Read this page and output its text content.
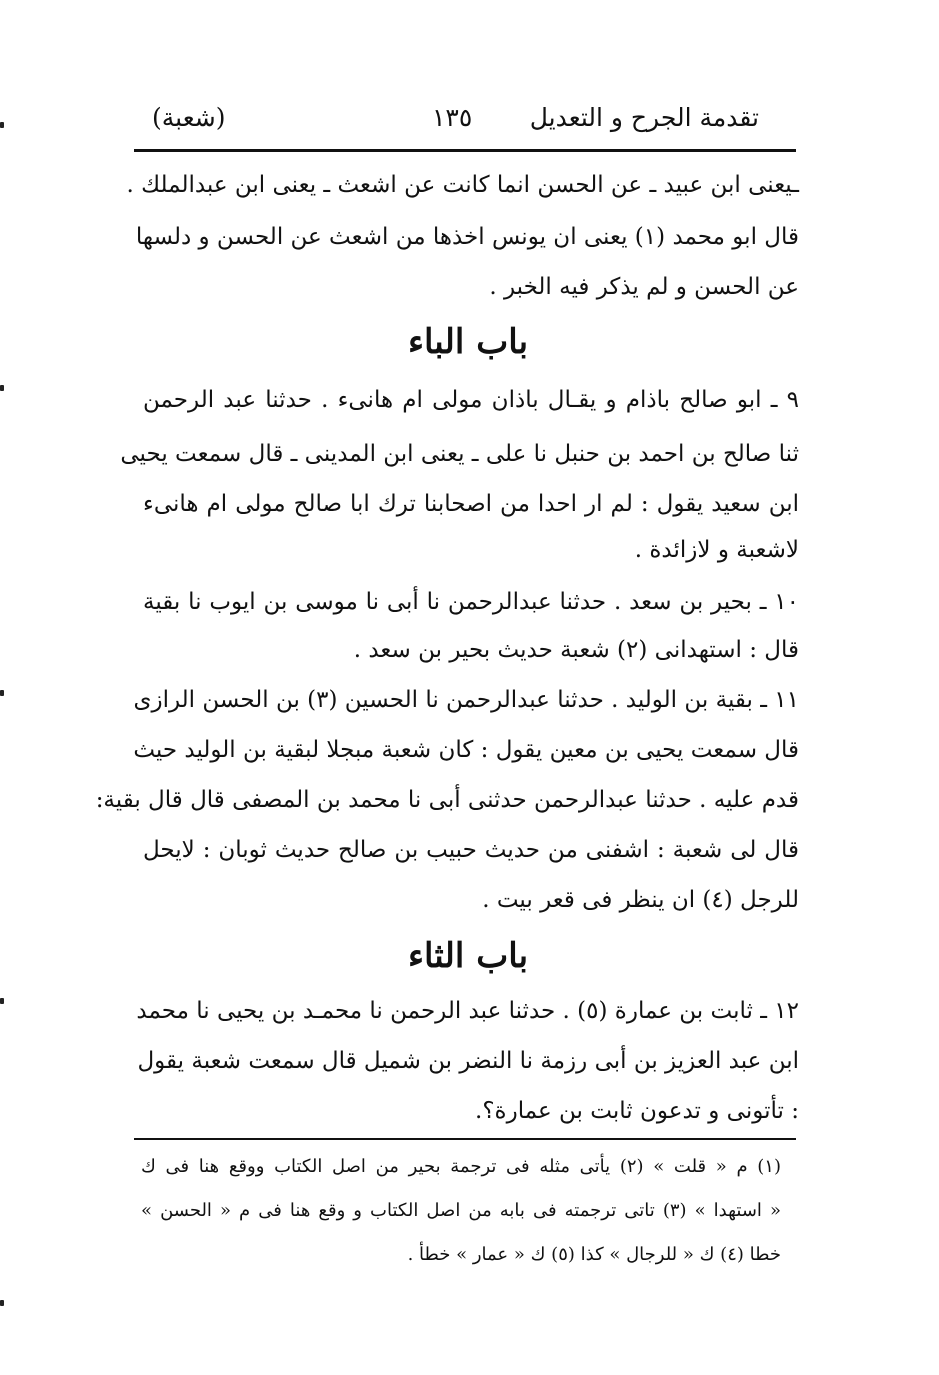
تقدمة الجرح و التعديل
١٣٥
(شعبة)
ـيعنى ابن عبيد ـ عن الحسن انما كانت عن اشعث ـ يعنى ابن عبدالملك .
قال ابو محمد (١) يعنى ان يونس اخذها من اشعث عن الحسن و دلسها
عن الحسن و لم يذكر فيه الخبر .
باب الباء
٩ ـ ابو صالح باذام و يقـال باذان مولى ام هانىء . حدثنا عبد الرحمن
ثنا صالح بن احمد بن حنبل نا على ـ يعنى ابن المدينى ـ قال سمعت يحيى
ابن سعيد يقول : لم ار احدا من اصحابنا ترك ابا صالح مولى ام هانىء
لاشعبة و لازائدة .
١٠ ـ بحير بن سعد . حدثنا عبدالرحمن نا أبى نا موسى بن ايوب نا بقية
قال : استهدانى (٢) شعبة حديث بحير بن سعد .
١١ ـ بقية بن الوليد . حدثنا عبدالرحمن نا الحسين (٣) بن الحسن الرازى
قال سمعت يحيى بن معين يقول : كان شعبة مبجلا لبقية بن الوليد حيث
قدم عليه . حدثنا عبدالرحمن حدثنى أبى نا محمد بن المصفى قال قال بقية:
قال لى شعبة : اشفنى من حديث حبيب بن صالح حديث ثوبان : لايحل
للرجل (٤) ان ينظر فى قعر بيت .
باب الثاء
١٢ ـ ثابت بن عمارة (٥) . حدثنا عبد الرحمن نا محمـد بن يحيى نا محمد
ابن عبد العزيز بن أبى رزمة نا النضر بن شميل قال سمعت شعبة يقول
: تأتونى و تدعون ثابت بن عمارة؟.
(١) م « قلت » (٢) يأتى مثله فى ترجمة بحير من اصل الكتاب ووقع هنا فى ك
« استهدا » (٣) تاتى ترجمته فى بابه من اصل الكتاب و وقع هنا فى م « الحسن »
خطا (٤) ك « للرجال » كذا (٥) ك « عمار » خطأ .
